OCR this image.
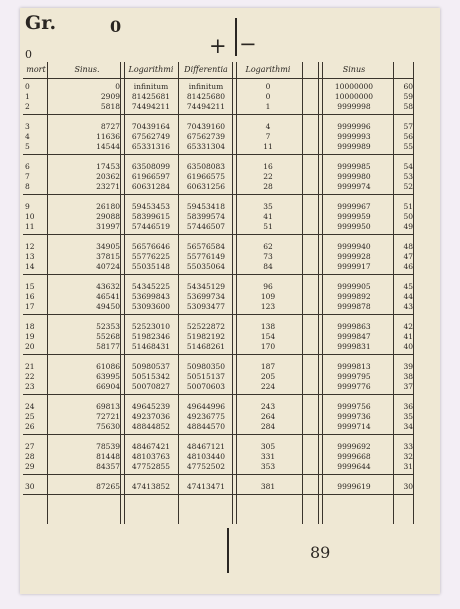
Gr.	0
+ −
0
mort	Sinus.	Logarithmi	Differentia	Logarithmi	Sinus
0	0	infinitum	infinitum	0	10000000	60
1	2909	81425681	81425680	0	10000000	59
2	5818	74494211	74494211	1	9999998	58
3	8727	70439164	70439160	4	9999996	57
4	11636	67562749	67562739	7	9999993	56
5	14544	65331316	65331304	11	9999989	55
6	17453	63508099	63508083	16	9999985	54
7	20362	61966597	61966575	22	9999980	53
8	23271	60631284	60631256	28	9999974	52
9	26180	59453453	59453418	35	9999967	51
10	29088	58399615	58399574	41	9999959	50
11	31997	57446519	57446507	51	9999950	49
12	34905	56576646	56576584	62	9999940	48
13	37815	55776225	55776149	73	9999928	47
14	40724	55035148	55035064	84	9999917	46
15	43632	54345225	54345129	96	9999905	45
16	46541	53699843	53699734	109	9999892	44
17	49450	53093600	53093477	123	9999878	43
18	52353	52523010	52522872	138	9999863	42
19	55268	51982346	51982192	154	9999847	41
20	58177	51468431	51468261	170	9999831	40
21	61086	50980537	50980350	187	9999813	39
22	63995	50515342	50515137	205	9999795	38
23	66904	50070827	50070603	224	9999776	37
24	69813	49645239	49644996	243	9999756	36
25	72721	49237036	49236775	264	9999736	35
26	75630	48844852	48844570	284	9999714	34
27	78539	48467421	48467121	305	9999692	33
28	81448	48103763	48103440	331	9999668	32
29	84357	47752855	47752502	353	9999644	31
30	87265	47413852	47413471	381	9999619	30
89
